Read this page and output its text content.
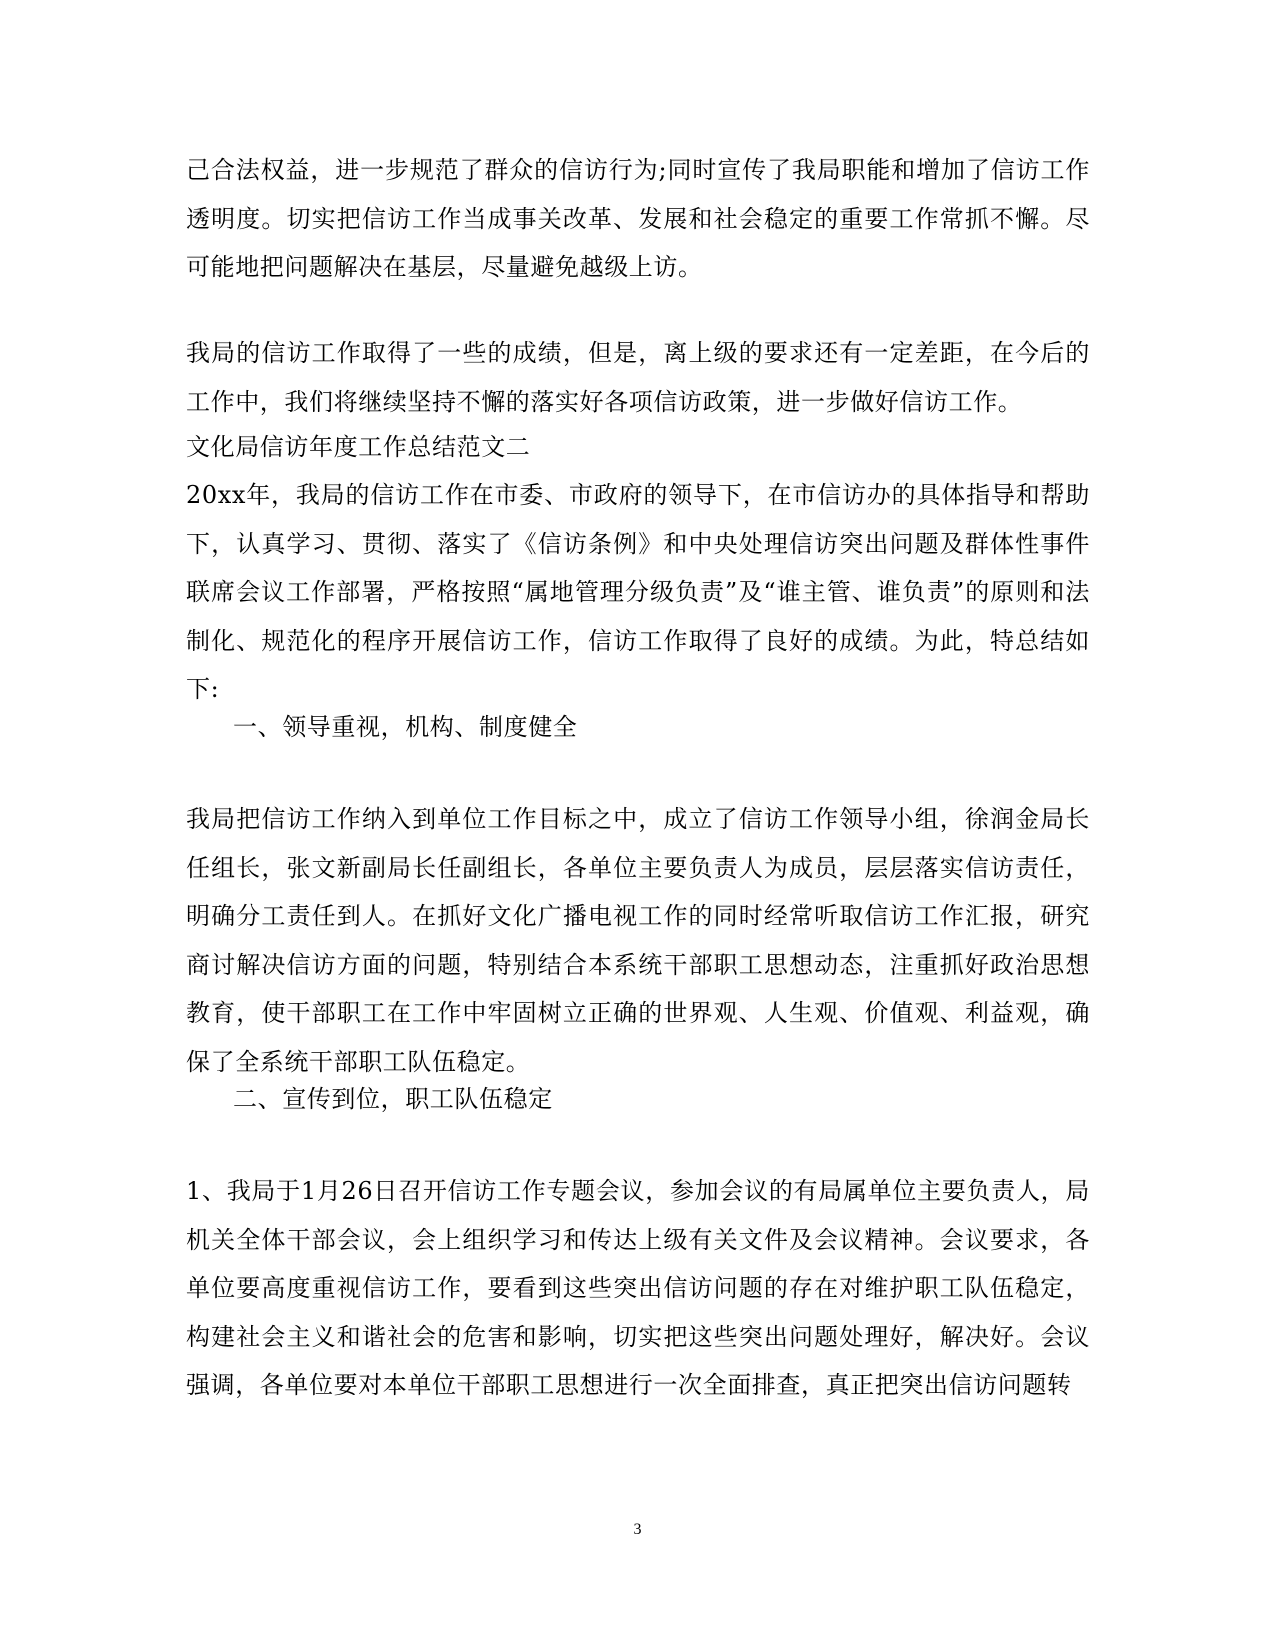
己合法权益，进一步规范了群众的信访行为;同时宣传了我局职能和增加了信访工作透明度。切实把信访工作当成事关改革、发展和社会稳定的重要工作常抓不懈。尽可能地把问题解决在基层，尽量避免越级上访。

我局的信访工作取得了一些的成绩，但是，离上级的要求还有一定差距，在今后的工作中，我们将继续坚持不懈的落实好各项信访政策，进一步做好信访工作。

文化局信访年度工作总结范文二

20xx年，我局的信访工作在市委、市政府的领导下，在市信访办的具体指导和帮助下，认真学习、贯彻、落实了《信访条例》和中央处理信访突出问题及群体性事件联席会议工作部署，严格按照“属地管理分级负责”及“谁主管、谁负责”的原则和法制化、规范化的程序开展信访工作，信访工作取得了良好的成绩。为此，特总结如下:

一、领导重视，机构、制度健全

我局把信访工作纳入到单位工作目标之中，成立了信访工作领导小组，徐润金局长任组长，张文新副局长任副组长，各单位主要负责人为成员，层层落实信访责任，明确分工责任到人。在抓好文化广播电视工作的同时经常听取信访工作汇报，研究商讨解决信访方面的问题，特别结合本系统干部职工思想动态，注重抓好政治思想教育，使干部职工在工作中牢固树立正确的世界观、人生观、价值观、利益观，确保了全系统干部职工队伍稳定。

二、宣传到位，职工队伍稳定

1、我局于1月26日召开信访工作专题会议，参加会议的有局属单位主要负责人，局机关全体干部会议，会上组织学习和传达上级有关文件及会议精神。会议要求，各单位要高度重视信访工作，要看到这些突出信访问题的存在对维护职工队伍稳定，构建社会主义和谐社会的危害和影响，切实把这些突出问题处理好，解决好。会议强调，各单位要对本单位干部职工思想进行一次全面排查，真正把突出信访问题转

3
